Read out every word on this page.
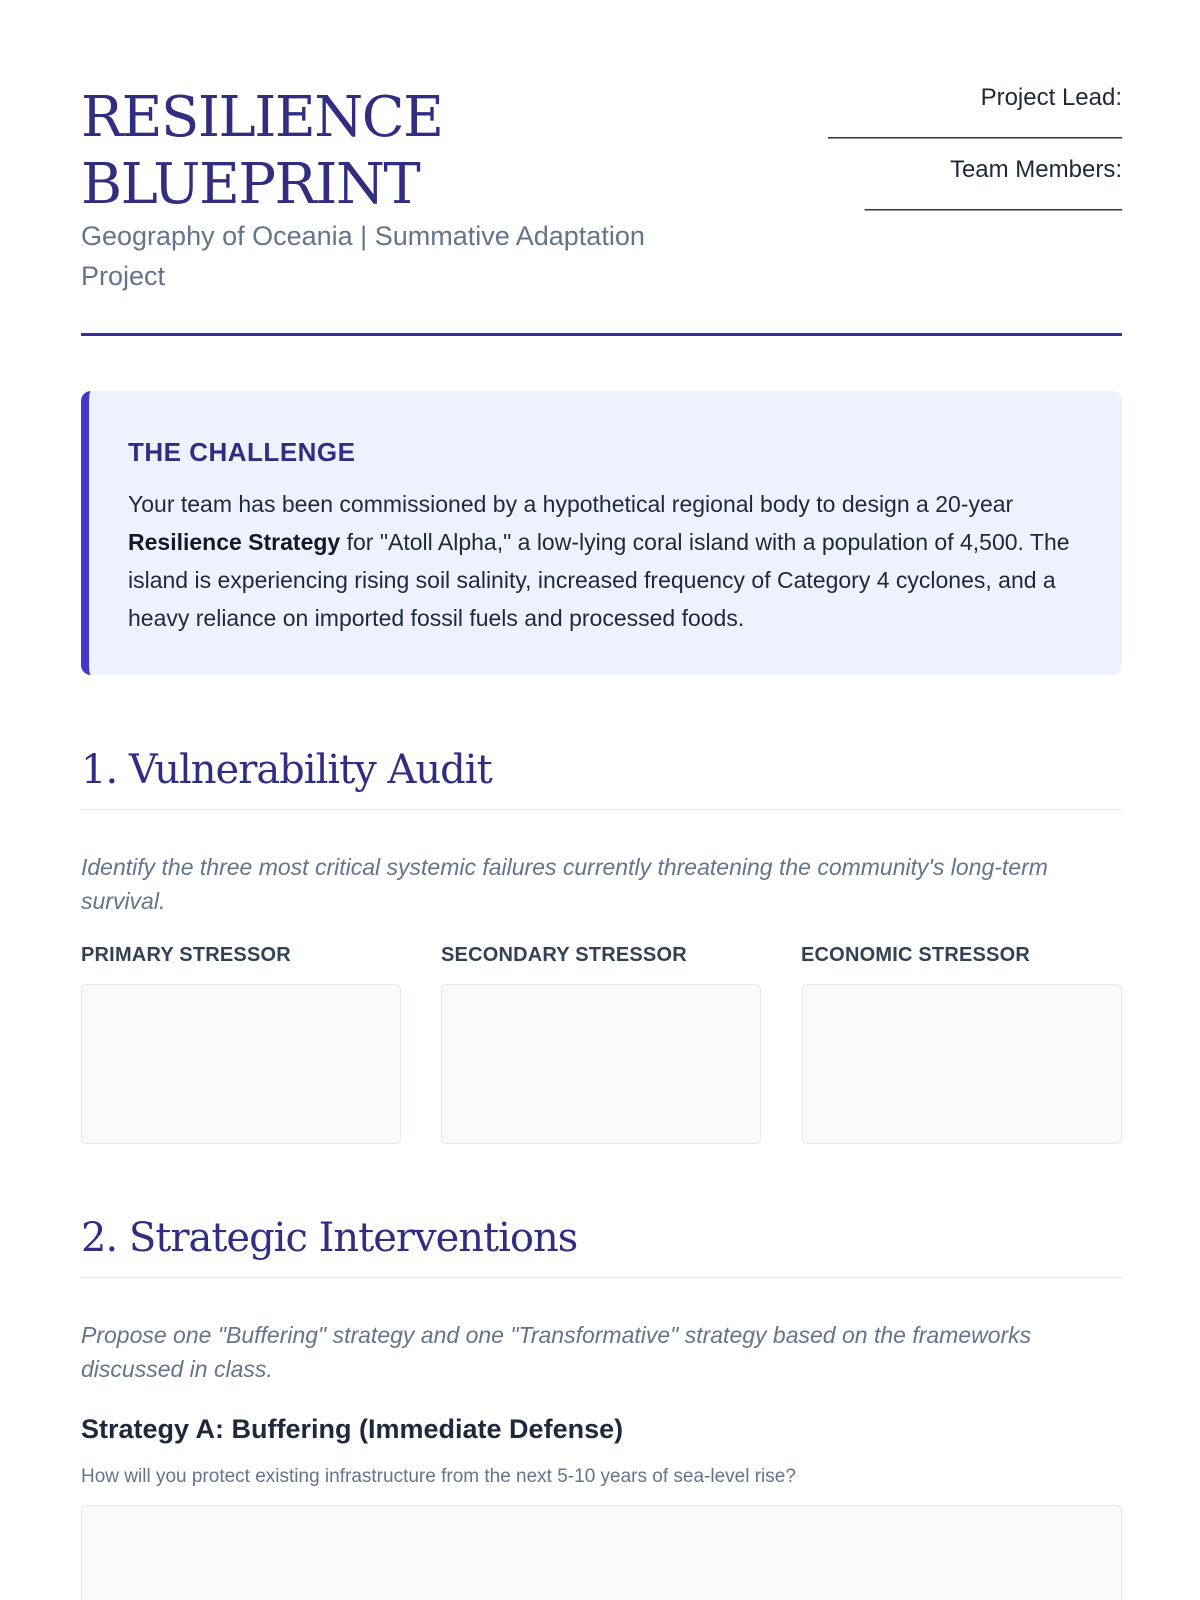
RESILIENCE
BLUEPRINT
Geography of Oceania | Summative Adaptation Project
Project Lead:
________________________
Team Members:
_____________________
THE CHALLENGE

Your team has been commissioned by a hypothetical regional body to design a 20-year Resilience Strategy for "Atoll Alpha," a low-lying coral island with a population of 4,500. The island is experiencing rising soil salinity, increased frequency of Category 4 cyclones, and a heavy reliance on imported fossil fuels and processed foods.

1. Vulnerability Audit

Identify the three most critical systemic failures currently threatening the community's long-term survival.

PRIMARY STRESSOR	SECONDARY STRESSOR	ECONOMIC STRESSOR
2. Strategic Interventions

Propose one "Buffering" strategy and one "Transformative" strategy based on the frameworks discussed in class.

Strategy A: Buffering (Immediate Defense)
How will you protect existing infrastructure from the next 5-10 years of sea-level rise?
